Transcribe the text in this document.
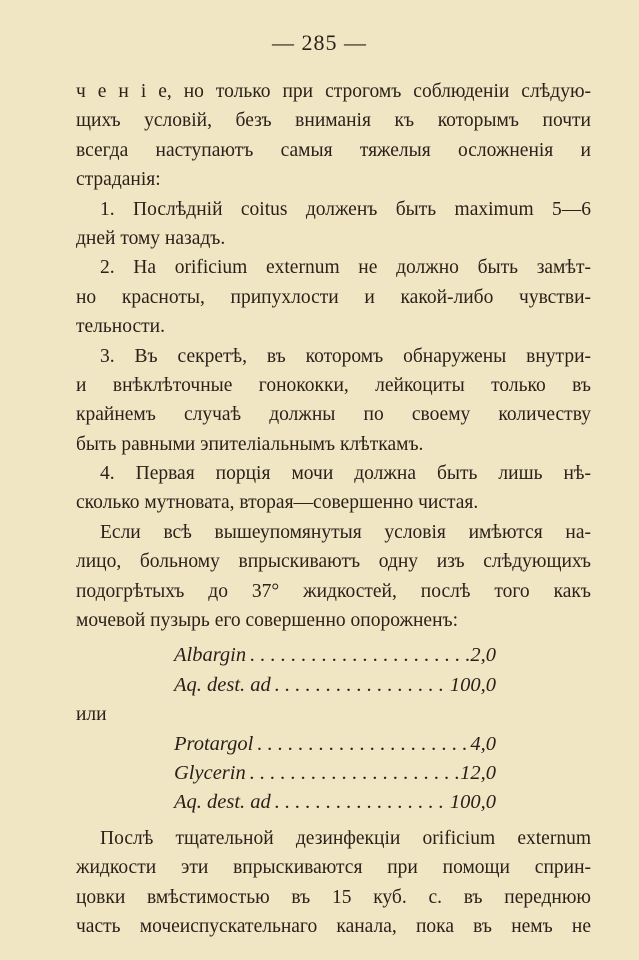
— 285 —
ч е н і е, но только при строгомъ соблюденіи слѣдую-
щихъ условій, безъ вниманія къ которымъ почти
всегда наступаютъ самыя тяжелыя осложненія и
страданія:
1. Послѣдній coitus долженъ быть maximum 5—6
дней тому назадъ.
2. На orificium externum не должно быть замѣт-
но красноты, припухлости и какой-либо чувстви-
тельности.
3. Въ секретѣ, въ которомъ обнаружены внутри-
и внѣклѣточные гонококки, лейкоциты только въ
крайнемъ случаѣ должны по своему количеству
быть равными эпителіальнымъ клѣткамъ.
4. Первая порція мочи должна быть лишь нѣ-
сколько мутновата, вторая—совершенно чистая.
Если всѣ вышеупомянутыя условія имѣются на-
лицо, больному впрыскиваютъ одну изъ слѣдующихъ
подогрѣтыхъ до 37° жидкостей, послѣ того какъ
мочевой пузырь его совершенно опорожненъ:
Albargin . . .	2,0
Aq. dest. ad . . .	100,0
или
Protargol . . .	4,0
Glycerin . . .	12,0
Aq. dest. ad . . .	100,0
Послѣ тщательной дезинфекціи orificium externum
жидкости эти впрыскиваются при помощи сприн-
цовки вмѣстимостью въ 15 куб. с. въ переднюю
часть мочеиспускательнаго канала, пока въ немъ не
